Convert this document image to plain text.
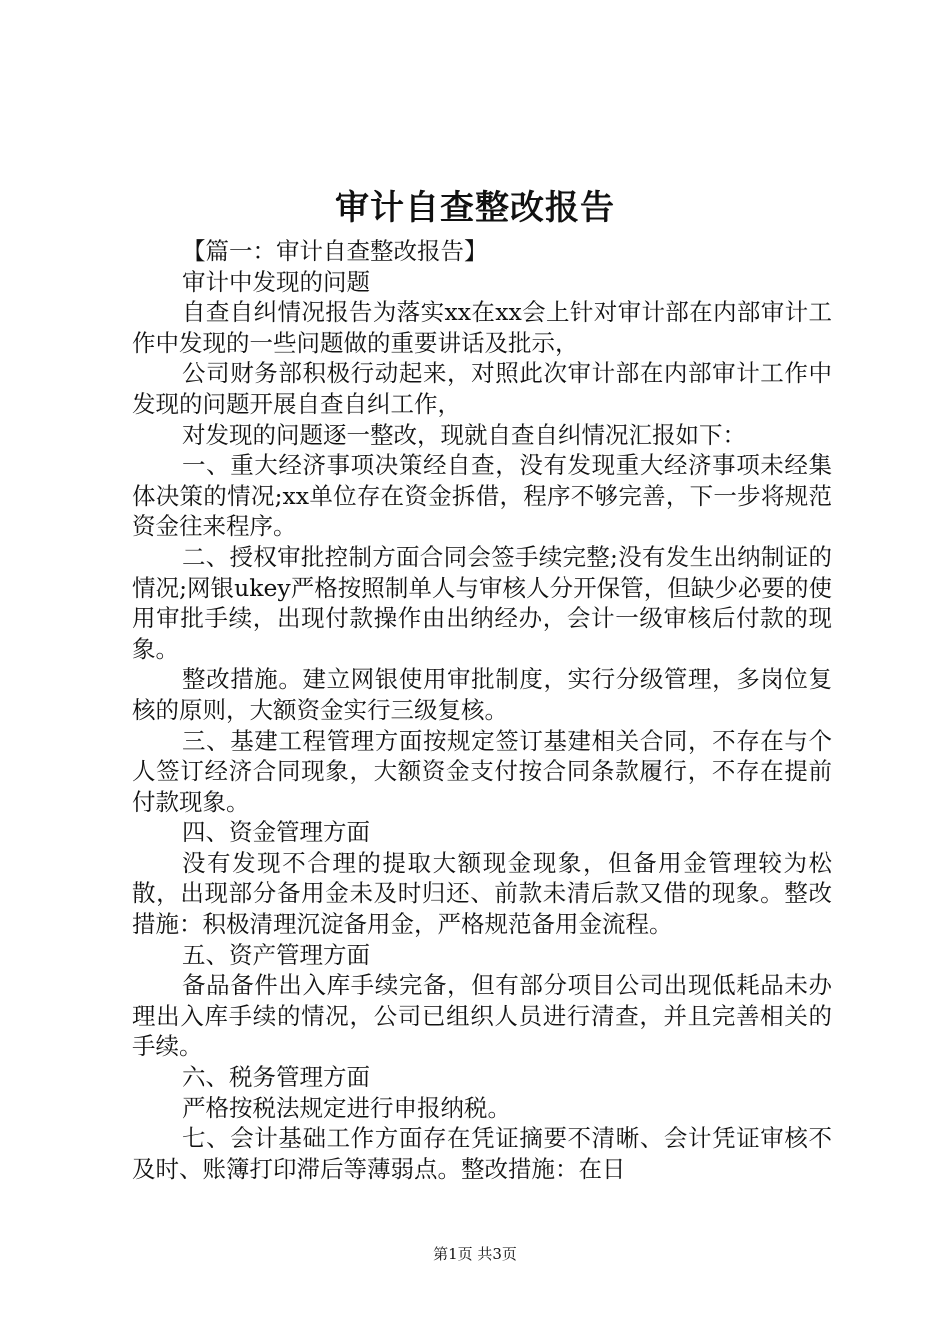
审计自查整改报告

【篇一：审计自查整改报告】

审计中发现的问题

自查自纠情况报告为落实xx在xx会上针对审计部在内部审计工作中发现的一些问题做的重要讲话及批示，

公司财务部积极行动起来，对照此次审计部在内部审计工作中发现的问题开展自查自纠工作，

对发现的问题逐一整改，现就自查自纠情况汇报如下：

一、重大经济事项决策经自查，没有发现重大经济事项未经集体决策的情况;xx单位存在资金拆借，程序不够完善，下一步将规范资金往来程序。

二、授权审批控制方面合同会签手续完整;没有发生出纳制证的情况;网银ukey严格按照制单人与审核人分开保管，但缺少必要的使用审批手续，出现付款操作由出纳经办，会计一级审核后付款的现象。

整改措施。建立网银使用审批制度，实行分级管理，多岗位复核的原则，大额资金实行三级复核。

三、基建工程管理方面按规定签订基建相关合同，不存在与个人签订经济合同现象，大额资金支付按合同条款履行，不存在提前付款现象。

四、资金管理方面

没有发现不合理的提取大额现金现象，但备用金管理较为松散，出现部分备用金未及时归还、前款未清后款又借的现象。整改措施：积极清理沉淀备用金，严格规范备用金流程。

五、资产管理方面

备品备件出入库手续完备，但有部分项目公司出现低耗品未办理出入库手续的情况，公司已组织人员进行清查，并且完善相关的手续。

六、税务管理方面

严格按税法规定进行申报纳税。

七、会计基础工作方面存在凭证摘要不清晰、会计凭证审核不及时、账簿打印滞后等薄弱点。整改措施：在日

第1页 共3页
